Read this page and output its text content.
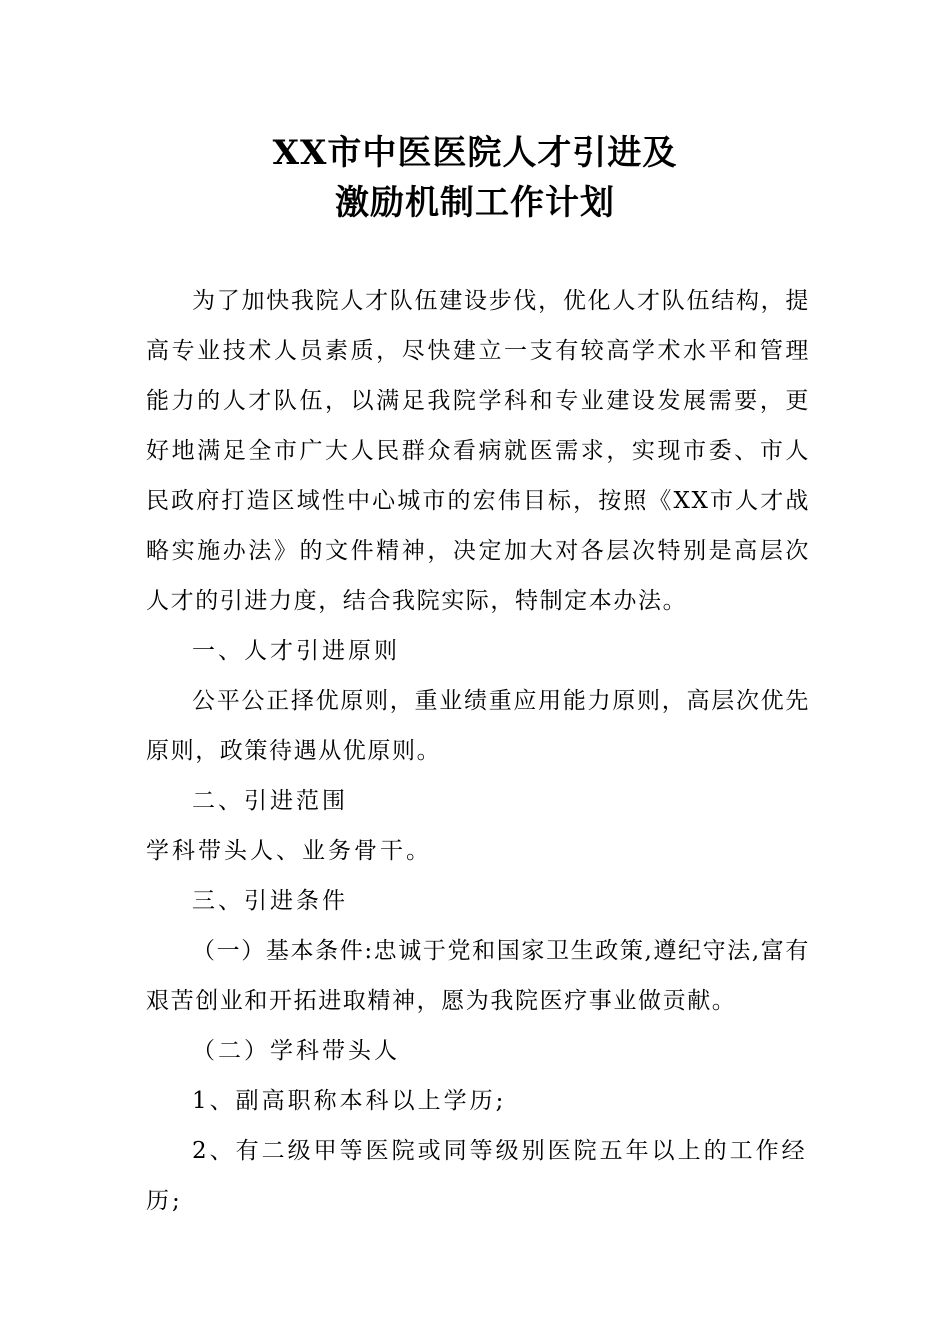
XX市中医医院人才引进及
激励机制工作计划

为了加快我院人才队伍建设步伐，优化人才队伍结构，提高专业技术人员素质，尽快建立一支有较高学术水平和管理能力的人才队伍，以满足我院学科和专业建设发展需要，更好地满足全市广大人民群众看病就医需求，实现市委、市人民政府打造区域性中心城市的宏伟目标，按照《XX市人才战略实施办法》的文件精神，决定加大对各层次特别是高层次人才的引进力度，结合我院实际，特制定本办法。

一、人才引进原则

公平公正择优原则，重业绩重应用能力原则，高层次优先原则，政策待遇从优原则。

二、引进范围

学科带头人、业务骨干。

三、引进条件

（一）基本条件:忠诚于党和国家卫生政策,遵纪守法,富有艰苦创业和开拓进取精神，愿为我院医疗事业做贡献。

（二）学科带头人

1、副高职称本科以上学历;

2、有二级甲等医院或同等级别医院五年以上的工作经历;
